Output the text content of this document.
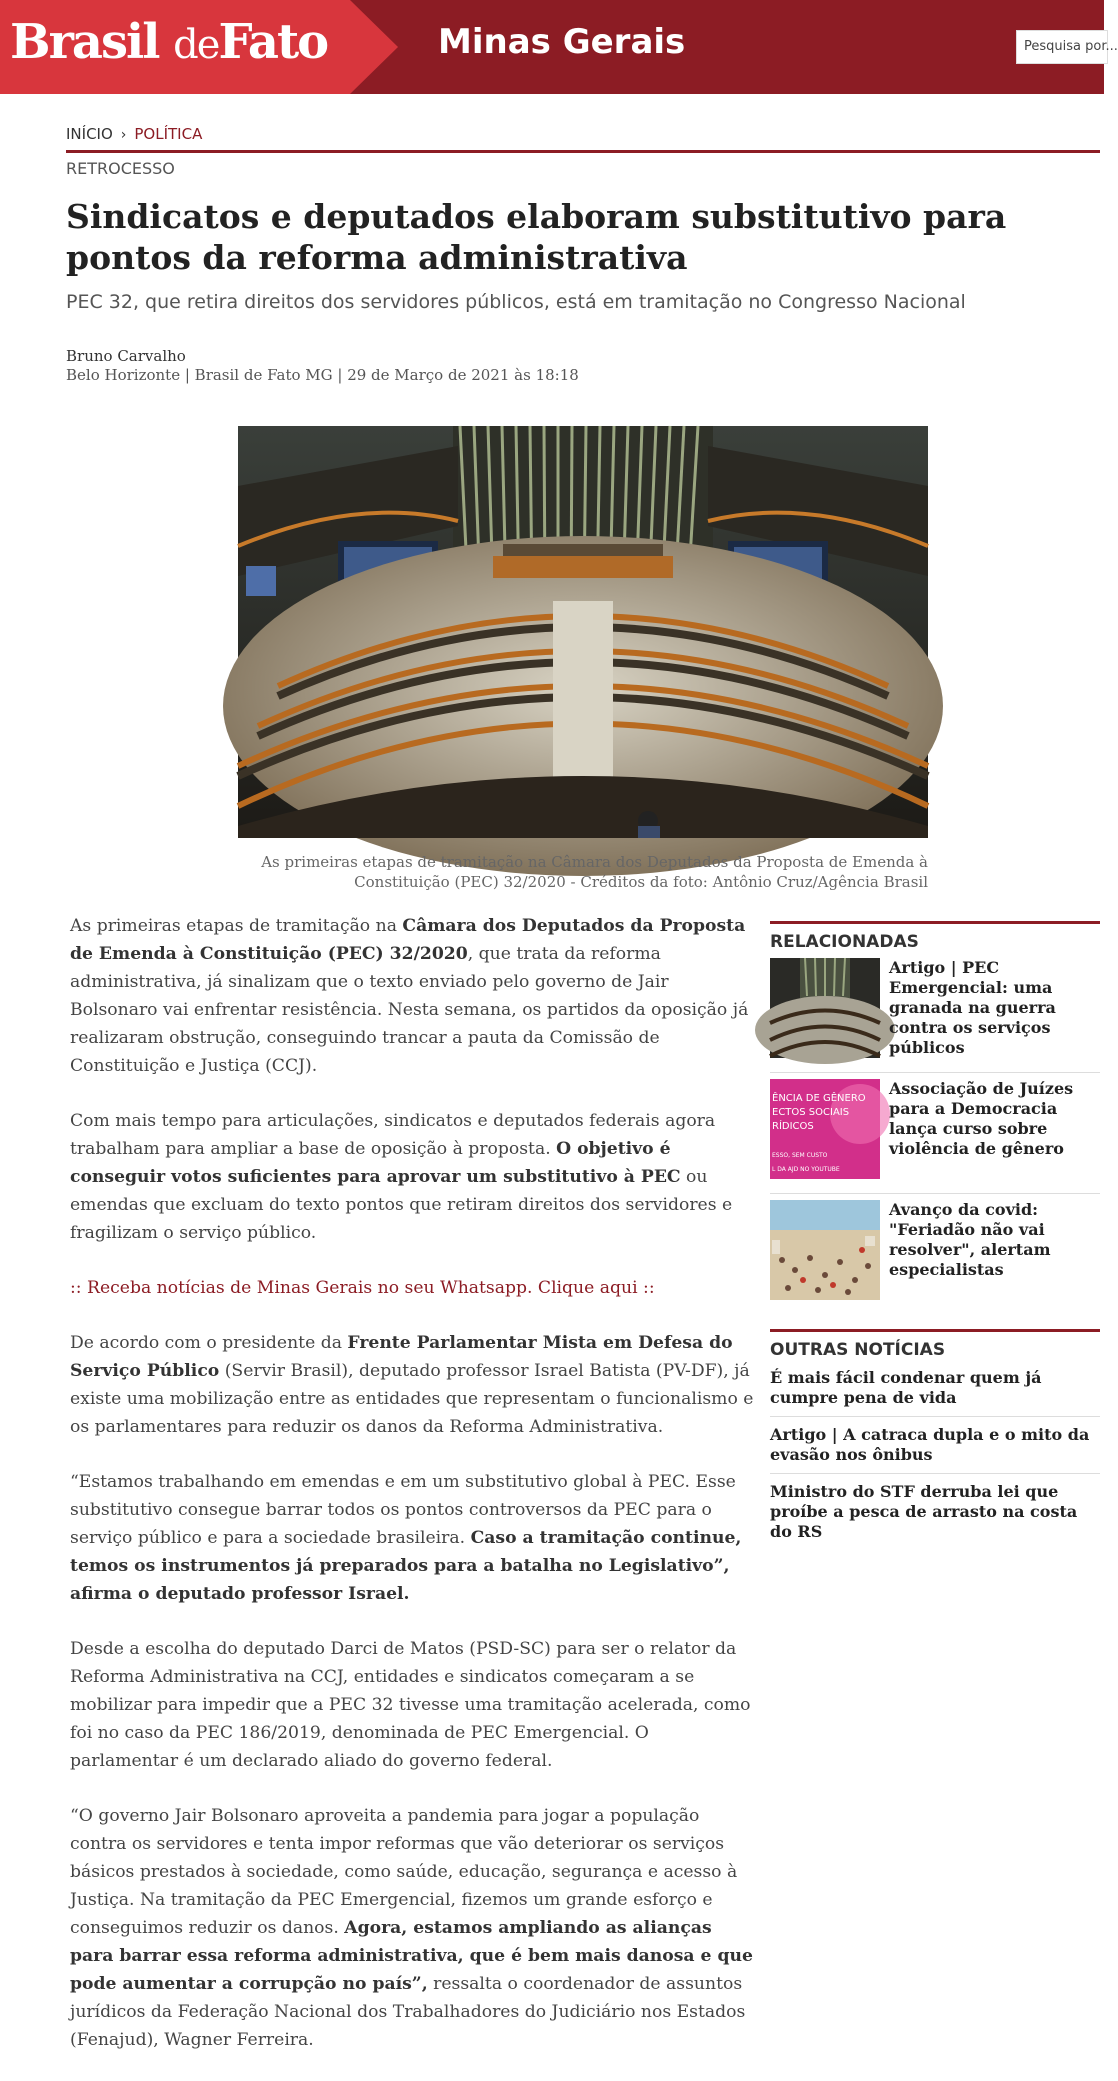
Brasil deFato	Minas Gerais	Pesquisa por...
INÍCIO › POLÍTICA
RETROCESSO
Sindicatos e deputados elaboram substitutivo para pontos da reforma administrativa
PEC 32, que retira direitos dos servidores públicos, está em tramitação no Congresso Nacional
Bruno Carvalho
Belo Horizonte | Brasil de Fato MG | 29 de Março de 2021 às 18:18
As primeiras etapas de tramitação na Câmara dos Deputados da Proposta de Emenda à Constituição (PEC) 32/2020 - Créditos da foto: Antônio Cruz/Agência Brasil

As primeiras etapas de tramitação na Câmara dos Deputados da Proposta de Emenda à Constituição (PEC) 32/2020, que trata da reforma administrativa, já sinalizam que o texto enviado pelo governo de Jair Bolsonaro vai enfrentar resistência. Nesta semana, os partidos da oposição já realizaram obstrução, conseguindo trancar a pauta da Comissão de Constituição e Justiça (CCJ).

Com mais tempo para articulações, sindicatos e deputados federais agora trabalham para ampliar a base de oposição à proposta. O objetivo é conseguir votos suficientes para aprovar um substitutivo à PEC ou emendas que excluam do texto pontos que retiram direitos dos servidores e fragilizam o serviço público.

:: Receba notícias de Minas Gerais no seu Whatsapp. Clique aqui ::

De acordo com o presidente da Frente Parlamentar Mista em Defesa do Serviço Público (Servir Brasil), deputado professor Israel Batista (PV-DF), já existe uma mobilização entre as entidades que representam o funcionalismo e os parlamentares para reduzir os danos da Reforma Administrativa.

“Estamos trabalhando em emendas e em um substitutivo global à PEC. Esse substitutivo consegue barrar todos os pontos controversos da PEC para o serviço público e para a sociedade brasileira. Caso a tramitação continue, temos os instrumentos já preparados para a batalha no Legislativo”, afirma o deputado professor Israel.

Desde a escolha do deputado Darci de Matos (PSD-SC) para ser o relator da Reforma Administrativa na CCJ, entidades e sindicatos começaram a se mobilizar para impedir que a PEC 32 tivesse uma tramitação acelerada, como foi no caso da PEC 186/2019, denominada de PEC Emergencial. O parlamentar é um declarado aliado do governo federal.

“O governo Jair Bolsonaro aproveita a pandemia para jogar a população contra os servidores e tenta impor reformas que vão deteriorar os serviços básicos prestados à sociedade, como saúde, educação, segurança e acesso à Justiça. Na tramitação da PEC Emergencial, fizemos um grande esforço e conseguimos reduzir os danos. Agora, estamos ampliando as alianças para barrar essa reforma administrativa, que é bem mais danosa e que pode aumentar a corrupção no país”, ressalta o coordenador de assuntos jurídicos da Federação Nacional dos Trabalhadores do Judiciário nos Estados (Fenajud), Wagner Ferreira.

RELACIONADAS
Artigo | PEC Emergencial: uma granada na guerra contra os serviços públicos
ÊNCIA DE GÊNERO
ECTOS SOCIAIS
RÍDICOS
ESSO, SEM CUSTO
L DA AJD NO YOUTUBE
Associação de Juízes para a Democracia lança curso sobre violência de gênero
Avanço da covid: "Feriadão não vai resolver", alertam especialistas
OUTRAS NOTÍCIAS
É mais fácil condenar quem já cumpre pena de vida
Artigo | A catraca dupla e o mito da evasão nos ônibus
Ministro do STF derruba lei que proíbe a pesca de arrasto na costa do RS
